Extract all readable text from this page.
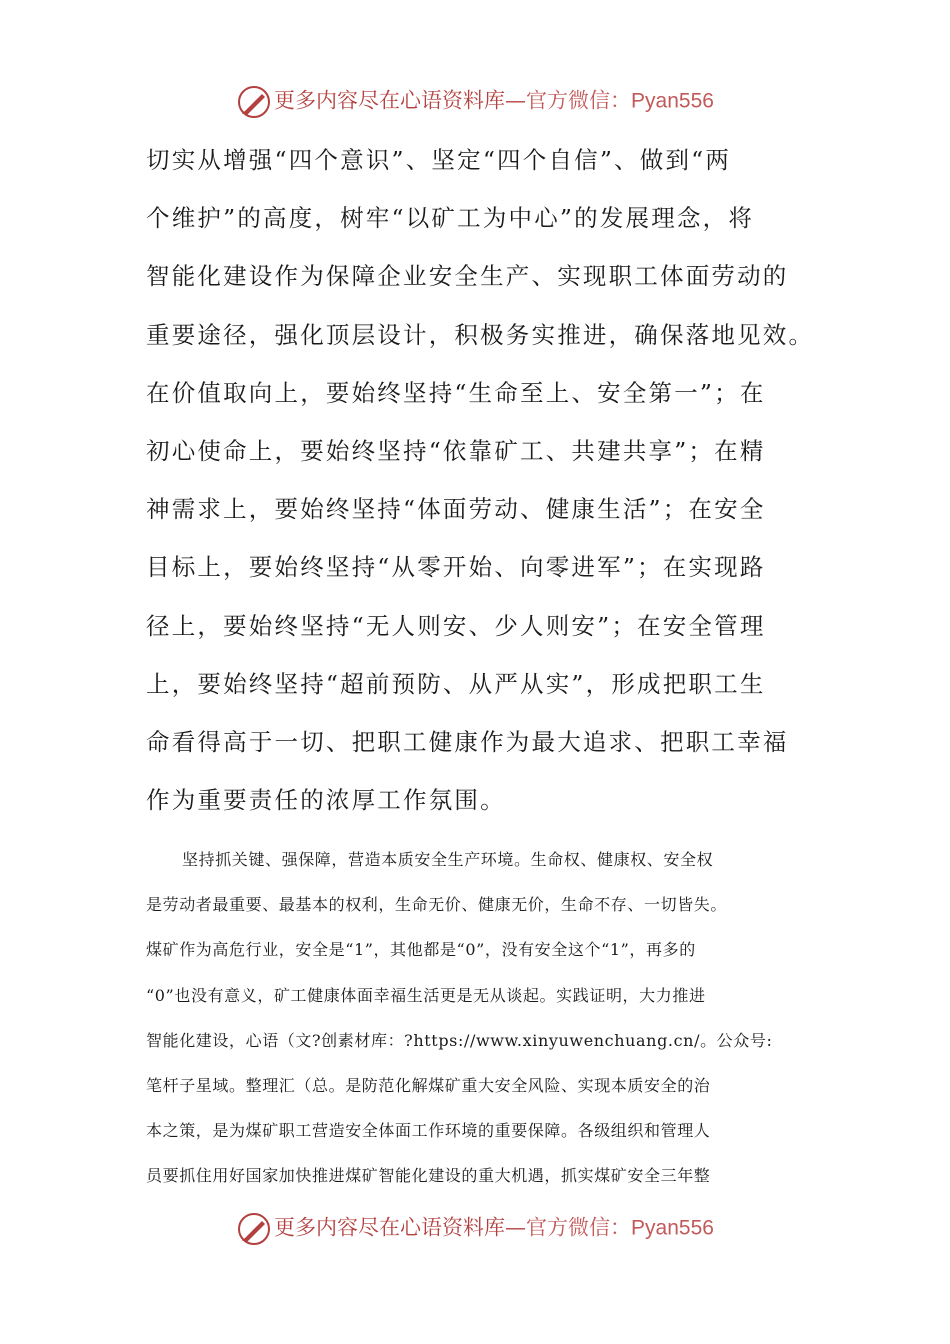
更多内容尽在心语资料库—官方微信：Pyan556
切实从增强“四个意识”、坚定“四个自信”、做到“两
个维护”的高度，树牢“以矿工为中心”的发展理念，将
智能化建设作为保障企业安全生产、实现职工体面劳动的
重要途径，强化顶层设计，积极务实推进，确保落地见效。
在价值取向上，要始终坚持“生命至上、安全第一”；在
初心使命上，要始终坚持“依靠矿工、共建共享”；在精
神需求上，要始终坚持“体面劳动、健康生活”；在安全
目标上，要始终坚持“从零开始、向零进军”；在实现路
径上，要始终坚持“无人则安、少人则安”；在安全管理
上，要始终坚持“超前预防、从严从实”，形成把职工生
命看得高于一切、把职工健康作为最大追求、把职工幸福
作为重要责任的浓厚工作氛围。
坚持抓关键、强保障，营造本质安全生产环境。生命权、健康权、安全权
是劳动者最重要、最基本的权利，生命无价、健康无价，生命不存、一切皆失。
煤矿作为高危行业，安全是“1”，其他都是“0”，没有安全这个“1”，再多的
“0”也没有意义，矿工健康体面幸福生活更是无从谈起。实践证明，大力推进
智能化建设，心语（文?创素材库：?https://www.xinyuwenchuang.cn/。公众号:
笔杆子星域。整理汇（总。是防范化解煤矿重大安全风险、实现本质安全的治
本之策，是为煤矿职工营造安全体面工作环境的重要保障。各级组织和管理人
员要抓住用好国家加快推进煤矿智能化建设的重大机遇，抓实煤矿安全三年整
更多内容尽在心语资料库—官方微信：Pyan556
